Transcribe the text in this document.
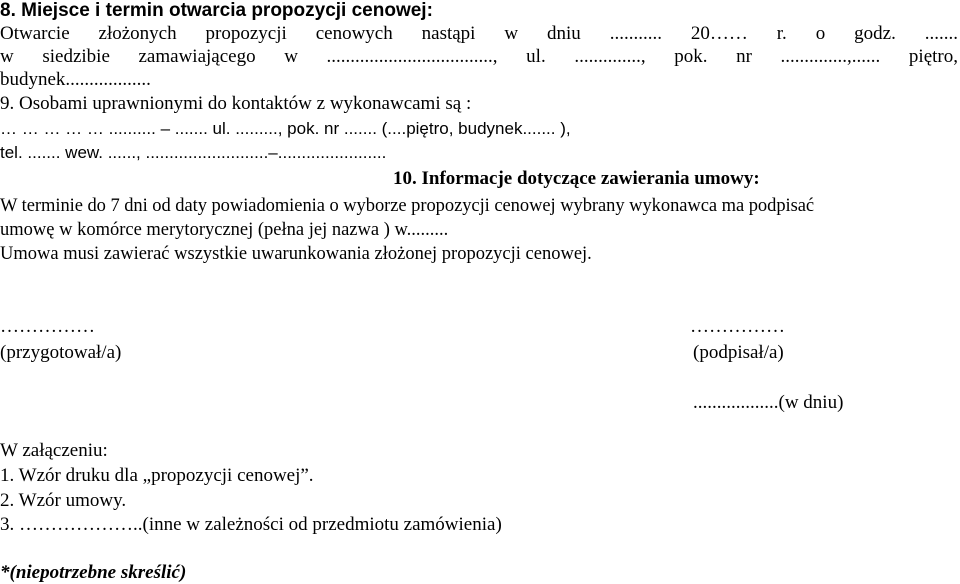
8. Miejsce i termin otwarcia propozycji cenowej:
Otwarcie złożonych propozycji cenowych nastąpi w dniu ........... 20…… r. o godz. .......
w siedzibie zamawiającego w ..................................., ul. .............., pok. nr ..............,...... piętro,
budynek..................
9. Osobami uprawnionymi do kontaktów z wykonawcami są :
… … … … … .......... – ....... ul. ........., pok. nr ....... (....piętro, budynek....... ),
tel. ....... wew. ......, ..........................–.......................
10. Informacje dotyczące zawierania umowy:
W terminie do 7 dni od daty powiadomienia o wyborze propozycji cenowej wybrany wykonawca ma podpisać
umowę w komórce merytorycznej (pełna jej nazwa ) w.........
Umowa musi zawierać wszystkie uwarunkowania złożonej propozycji cenowej.
……………	……………
(przygotował/a)	(podpisał/a)
..................(w dniu)
W załączeniu:
1. Wzór druku dla „propozycji cenowej”.
2. Wzór umowy.
3. ………………..(inne w zależności od przedmiotu zamówienia)
*(niepotrzebne skreślić)
